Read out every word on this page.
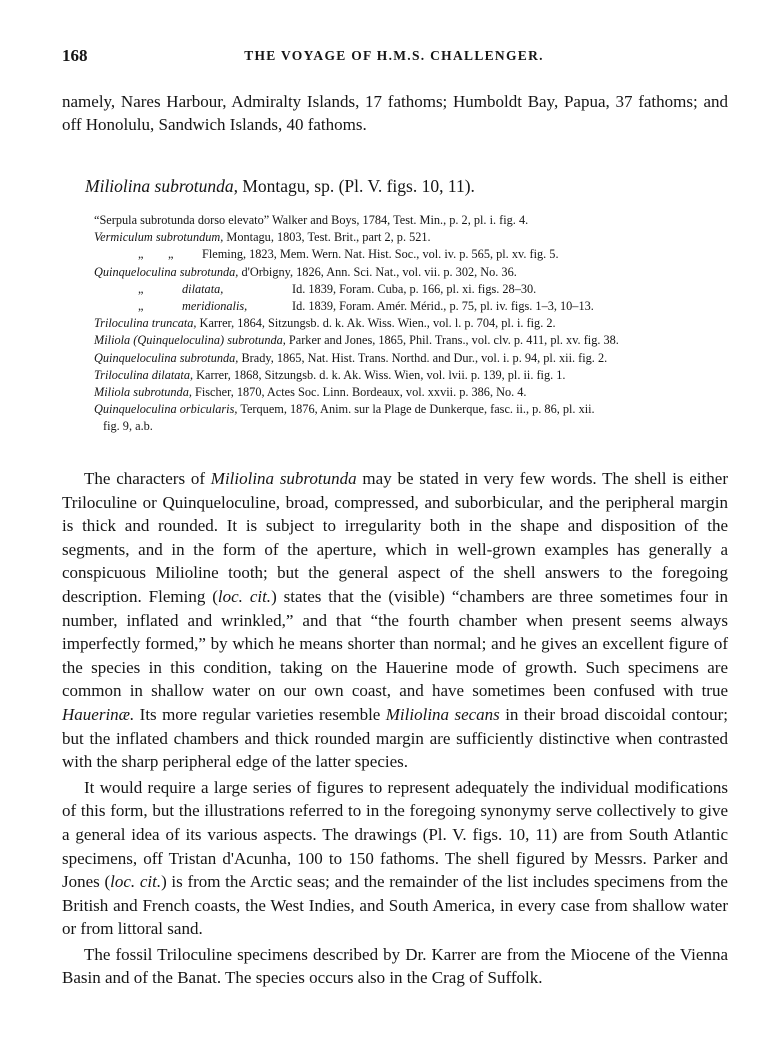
168	THE VOYAGE OF H.M.S. CHALLENGER.
namely, Nares Harbour, Admiralty Islands, 17 fathoms; Humboldt Bay, Papua, 37 fathoms; and off Honolulu, Sandwich Islands, 40 fathoms.
Miliolina subrotunda, Montagu, sp. (Pl. V. figs. 10, 11).
“Serpula subrotunda dorso elevato” Walker and Boys, 1784, Test. Min., p. 2, pl. i. fig. 4.
Vermiculum subrotundum, Montagu, 1803, Test. Brit., part 2, p. 521.
„        „ Fleming, 1823, Mem. Wern. Nat. Hist. Soc., vol. iv. p. 565, pl. xv. fig. 5.
Quinqueloculina subrotunda, d'Orbigny, 1826, Ann. Sci. Nat., vol. vii. p. 302, No. 36.
„	dilatata,	Id. 1839, Foram. Cuba, p. 166, pl. xi. figs. 28–30.
„	meridionalis,	Id. 1839, Foram. Amér. Mérid., p. 75, pl. iv. figs. 1–3, 10–13.
Triloculina truncata, Karrer, 1864, Sitzungsb. d. k. Ak. Wiss. Wien., vol. l. p. 704, pl. i. fig. 2.
Miliola (Quinqueloculina) subrotunda, Parker and Jones, 1865, Phil. Trans., vol. clv. p. 411, pl. xv. fig. 38.
Quinqueloculina subrotunda, Brady, 1865, Nat. Hist. Trans. Northd. and Dur., vol. i. p. 94, pl. xii. fig. 2.
Triloculina dilatata, Karrer, 1868, Sitzungsb. d. k. Ak. Wiss. Wien, vol. lvii. p. 139, pl. ii. fig. 1.
Miliola subrotunda, Fischer, 1870, Actes Soc. Linn. Bordeaux, vol. xxvii. p. 386, No. 4.
Quinqueloculina orbicularis, Terquem, 1876, Anim. sur la Plage de Dunkerque, fasc. ii., p. 86, pl. xii.
fig. 9, a.b.

The characters of Miliolina subrotunda may be stated in very few words. The shell is either Triloculine or Quinqueloculine, broad, compressed, and suborbicular, and the peripheral margin is thick and rounded. It is subject to irregularity both in the shape and disposition of the segments, and in the form of the aperture, which in well-grown examples has generally a conspicuous Milioline tooth; but the general aspect of the shell answers to the foregoing description. Fleming (loc. cit.) states that the (visible) “chambers are three sometimes four in number, inflated and wrinkled,” and that “the fourth chamber when present seems always imperfectly formed,” by which he means shorter than normal; and he gives an excellent figure of the species in this condition, taking on the Hauerine mode of growth. Such specimens are common in shallow water on our own coast, and have sometimes been confused with true Hauerinæ. Its more regular varieties resemble Miliolina secans in their broad discoidal contour; but the inflated chambers and thick rounded margin are sufficiently distinctive when contrasted with the sharp peripheral edge of the latter species.

It would require a large series of figures to represent adequately the individual modifications of this form, but the illustrations referred to in the foregoing synonymy serve collectively to give a general idea of its various aspects. The drawings (Pl. V. figs. 10, 11) are from South Atlantic specimens, off Tristan d'Acunha, 100 to 150 fathoms. The shell figured by Messrs. Parker and Jones (loc. cit.) is from the Arctic seas; and the remainder of the list includes specimens from the British and French coasts, the West Indies, and South America, in every case from shallow water or from littoral sand.

The fossil Triloculine specimens described by Dr. Karrer are from the Miocene of the Vienna Basin and of the Banat. The species occurs also in the Crag of Suffolk.
